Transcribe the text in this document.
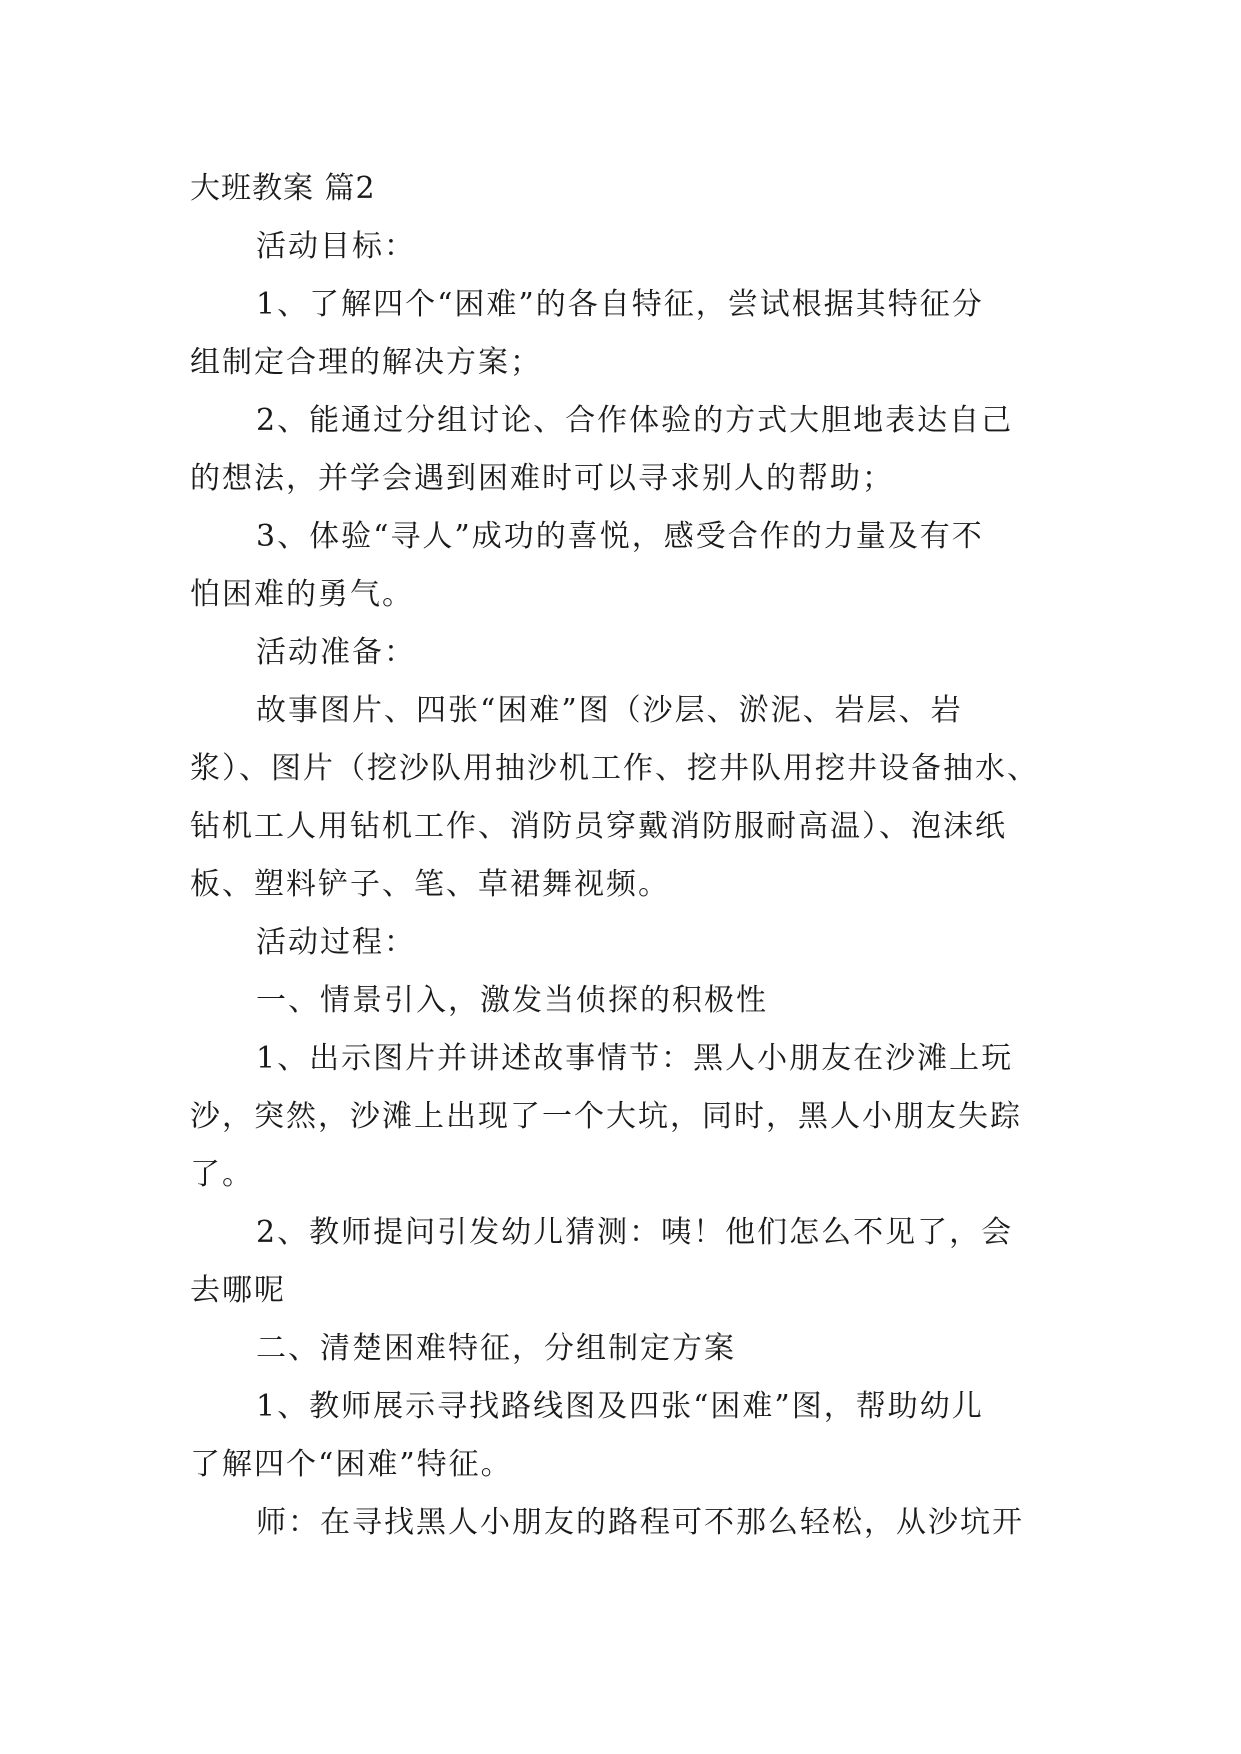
大班教案 篇2

活动目标：

1、了解四个“困难”的各自特征，尝试根据其特征分

组制定合理的解决方案；

2、能通过分组讨论、合作体验的方式大胆地表达自己

的想法，并学会遇到困难时可以寻求别人的帮助；

3、体验“寻人”成功的喜悦，感受合作的力量及有不

怕困难的勇气。

活动准备：

故事图片、四张“困难”图（沙层、淤泥、岩层、岩

浆）、图片（挖沙队用抽沙机工作、挖井队用挖井设备抽水、

钻机工人用钻机工作、消防员穿戴消防服耐高温）、泡沫纸

板、塑料铲子、笔、草裙舞视频。

活动过程：

一、情景引入，激发当侦探的积极性

1、出示图片并讲述故事情节：黑人小朋友在沙滩上玩

沙，突然，沙滩上出现了一个大坑，同时，黑人小朋友失踪

了。

2、教师提问引发幼儿猜测：咦！他们怎么不见了，会

去哪呢

二、清楚困难特征，分组制定方案

1、教师展示寻找路线图及四张“困难”图，帮助幼儿

了解四个“困难”特征。

师：在寻找黑人小朋友的路程可不那么轻松，从沙坑开
